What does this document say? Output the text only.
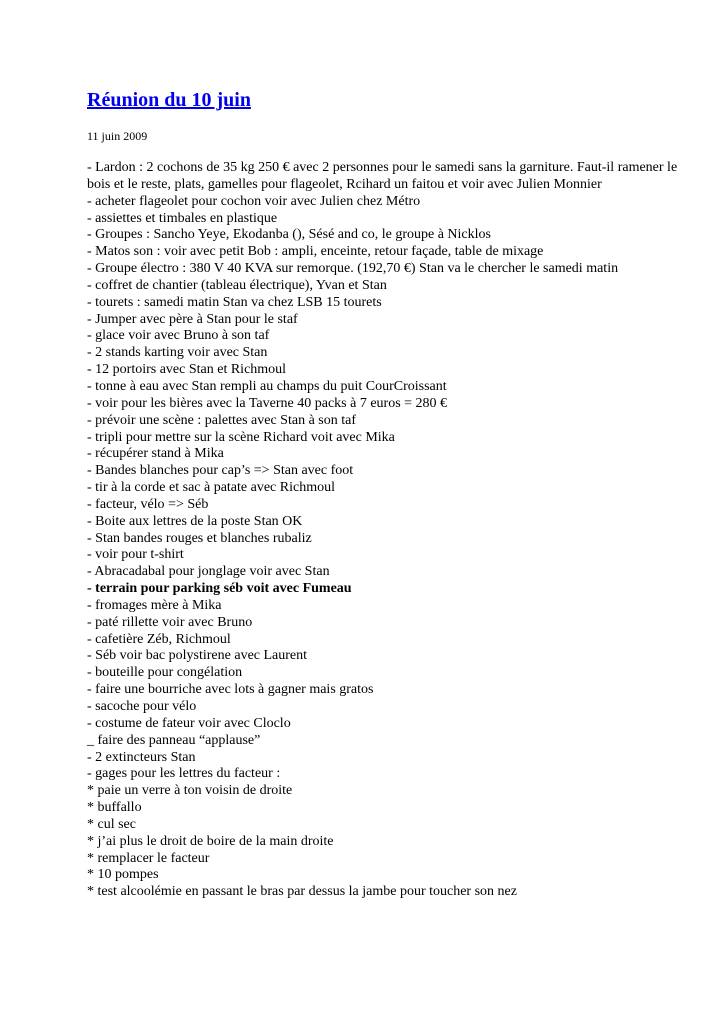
Réunion du 10 juin
11 juin 2009
- Lardon : 2 cochons de 35 kg 250 € avec 2 personnes pour le samedi sans la garniture. Faut-il ramener le bois et le reste, plats, gamelles pour flageolet, Rcihard un faitou et voir avec Julien Monnier
- acheter flageolet pour cochon voir avec Julien chez Métro
- assiettes et timbales en plastique
- Groupes : Sancho Yeye, Ekodanba (), Sésé and co, le groupe à Nicklos
- Matos son : voir avec petit Bob : ampli, enceinte, retour façade, table de mixage
- Groupe électro : 380 V 40 KVA sur remorque. (192,70 €) Stan va le chercher le samedi matin
- coffret de chantier (tableau électrique), Yvan et Stan
- tourets : samedi matin Stan va chez LSB 15 tourets
- Jumper avec père à Stan pour le staf
- glace voir avec Bruno à son taf
- 2 stands karting voir avec Stan
- 12 portoirs avec Stan et Richmoul
- tonne à eau avec Stan rempli au champs du puit CourCroissant
- voir pour les bières avec la Taverne 40 packs à 7 euros = 280 €
- prévoir une scène : palettes avec Stan à son taf
- tripli pour mettre sur la scène Richard voit avec Mika
- récupérer stand à Mika
- Bandes blanches pour cap’s => Stan avec foot
- tir à la corde et sac à patate avec Richmoul
- facteur, vélo => Séb
- Boite aux lettres de la poste Stan OK
- Stan bandes rouges et blanches rubaliz
- voir pour t-shirt
- Abracadabal pour jonglage voir avec Stan
- terrain pour parking séb voit avec Fumeau
- fromages mère à Mika
- paté rillette voir avec Bruno
- cafetière Zéb, Richmoul
- Séb voir bac polystirene avec Laurent
- bouteille pour congélation
- faire une bourriche avec lots à gagner mais gratos
- sacoche pour vélo
- costume de fateur voir avec Cloclo
_ faire des panneau “applause”
- 2 extincteurs Stan
- gages pour les lettres du facteur :
* paie un verre à ton voisin de droite
* buffallo
* cul sec
* j’ai plus le droit de boire de la main droite
* remplacer le facteur
* 10 pompes
* test alcoolémie en passant le bras par dessus la jambe pour toucher son nez
